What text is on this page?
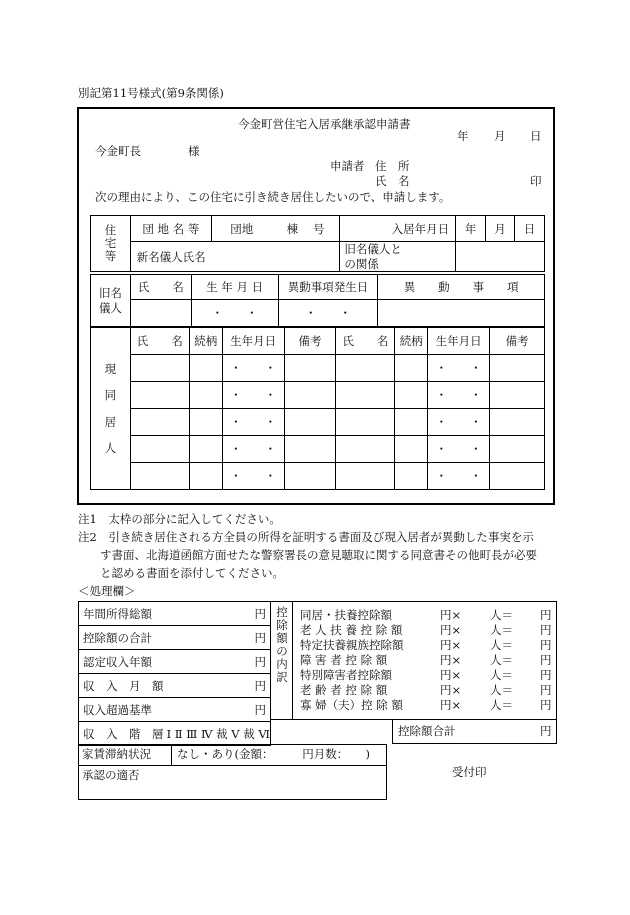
別記第11号様式(第9条関係)
今金町営住宅入居承継承認申請書
年 月 日
今金町長	様
申請者 住　所
氏　名	印
次の理由により、この住宅に引き続き居住したいので、申請します。
住
宅
等	団 地 名 等	団地	棟	号	入居年月日	年	月	日
	新名儀人氏名				旧名儀人と
の関係			
旧名
儀人	氏　　名	生 年 月 日	異動事項発生日	異　　動　　事　　項
		・　　・	・　　・	
現
同
居
人	氏　　名	続柄	生年月日	備考	氏　　名	続柄	生年月日	備考
			・　　・				・　　・	
			・　　・				・　　・	
			・　　・				・　　・	
			・　　・				・　　・	
			・　　・				・　　・	
注1　 太枠の部分に記入してください。
注2　 引き続き居住される方全員の所得を証明する書面及び現入居者が異動した事実を示
す書面、北海道函館方面せたな警察署長の意見聴取に関する同意書その他町長が必要
と認める書面を添付してください。
＜処理欄＞
年間所得総額	円
控除額の合計	円
認定収入年額	円
収　入　月　額	円
収入超過基準	円
収　入　階　層	Ⅰ Ⅱ Ⅲ Ⅳ 裁 Ⅴ 裁 Ⅵ
控
除
額
の
内
訳
同居・扶養控除額	円×	人＝ 円
老 人 扶 養 控 除 額	円×	人＝ 円
特定扶養親族控除額	円×	人＝ 円
障 害 者 控 除 額	円×	人＝ 円
特別障害者控除額	円×	人＝ 円
老 齢 者 控 除 額	円×	人＝ 円
寡 婦（夫）控 除 額	円×	人＝ 円
控除額合計	円
家賃滞納状況 なし・あり(金額：　　　円月数：　　)
承認の適否	受付印
